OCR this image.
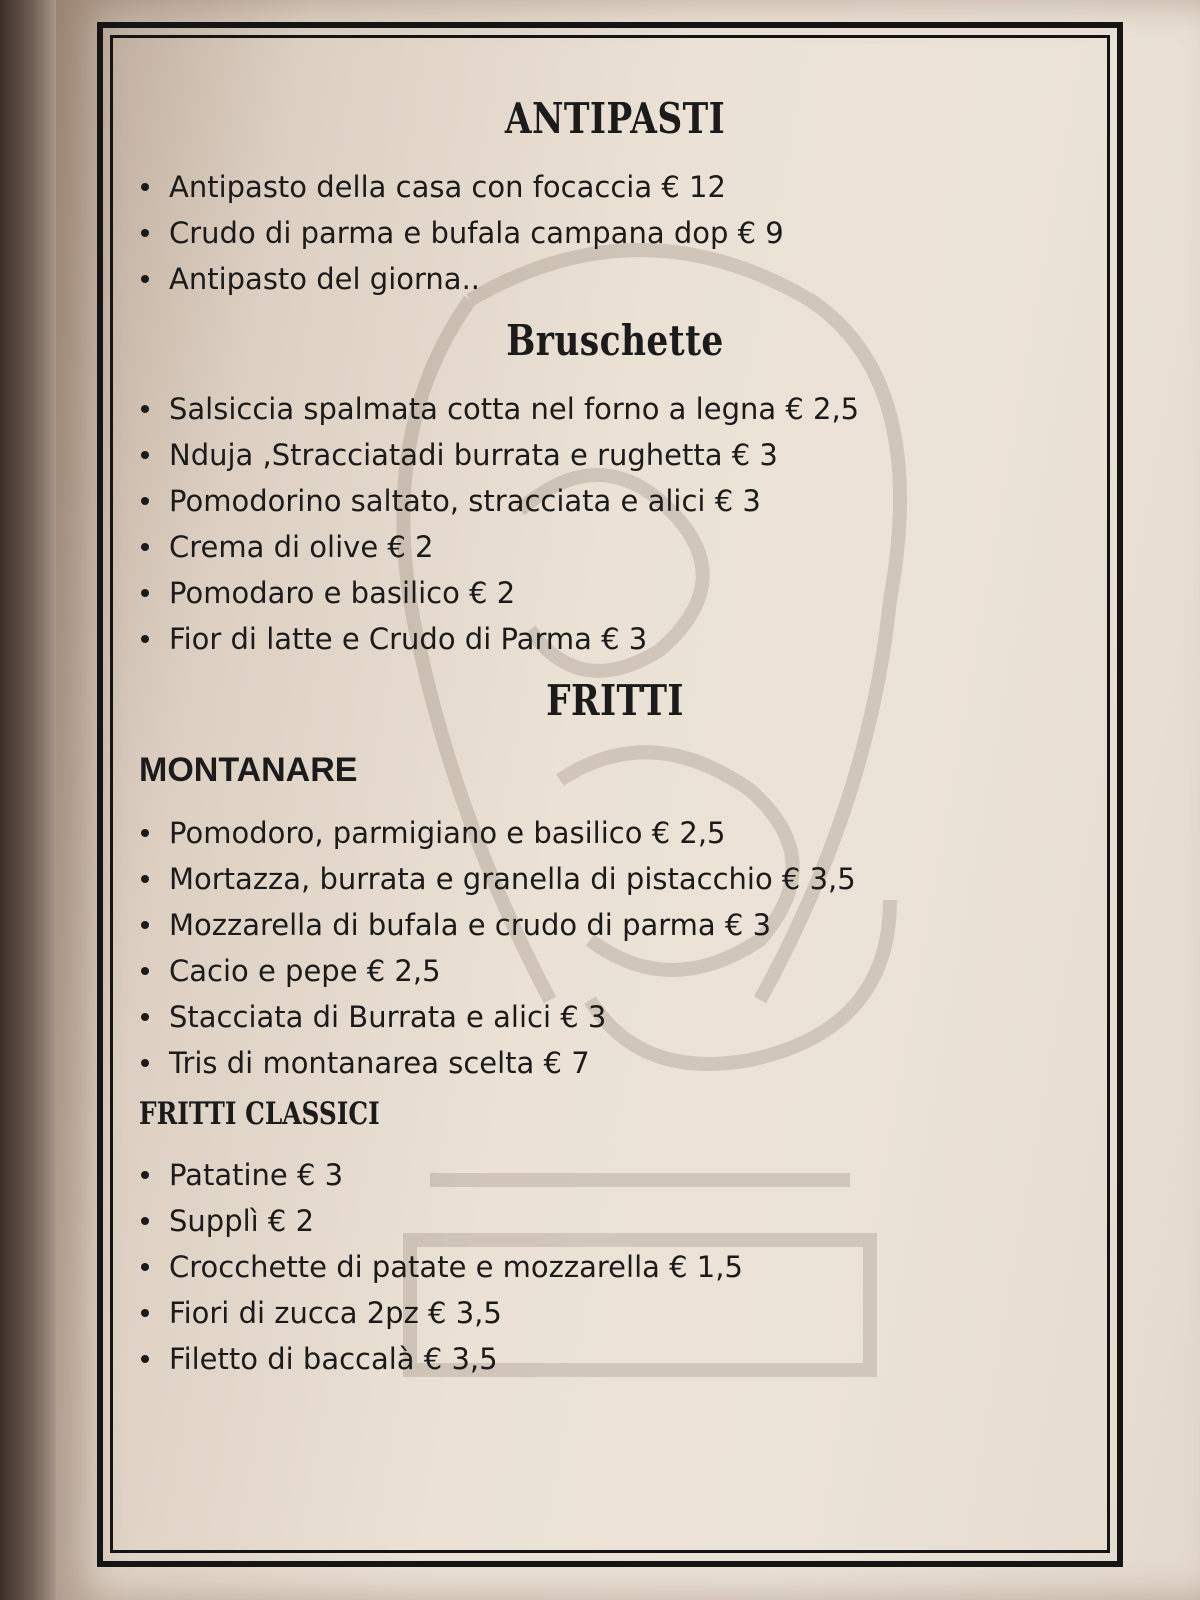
ANTIPASTI
Antipasto della casa con focaccia € 12
Crudo di parma e bufala campana dop € 9
Antipasto del giorna..
Bruschette
Salsiccia spalmata cotta nel forno a legna € 2,5
Nduja ,Stracciatadi burrata e rughetta € 3
Pomodorino saltato, stracciata e alici € 3
Crema di olive € 2
Pomodaro e basilico € 2
Fior di latte e Crudo di Parma € 3
FRITTI
MONTANARE
Pomodoro, parmigiano e basilico € 2,5
Mortazza, burrata e granella di pistacchio € 3,5
Mozzarella di bufala e crudo di parma € 3
Cacio e pepe € 2,5
Stacciata di Burrata e alici € 3
Tris di montanarea scelta € 7
FRITTI CLASSICI
Patatine € 3
Supplì € 2
Crocchette di patate e mozzarella € 1,5
Fiori di zucca 2pz € 3,5
Filetto di baccalà € 3,5
